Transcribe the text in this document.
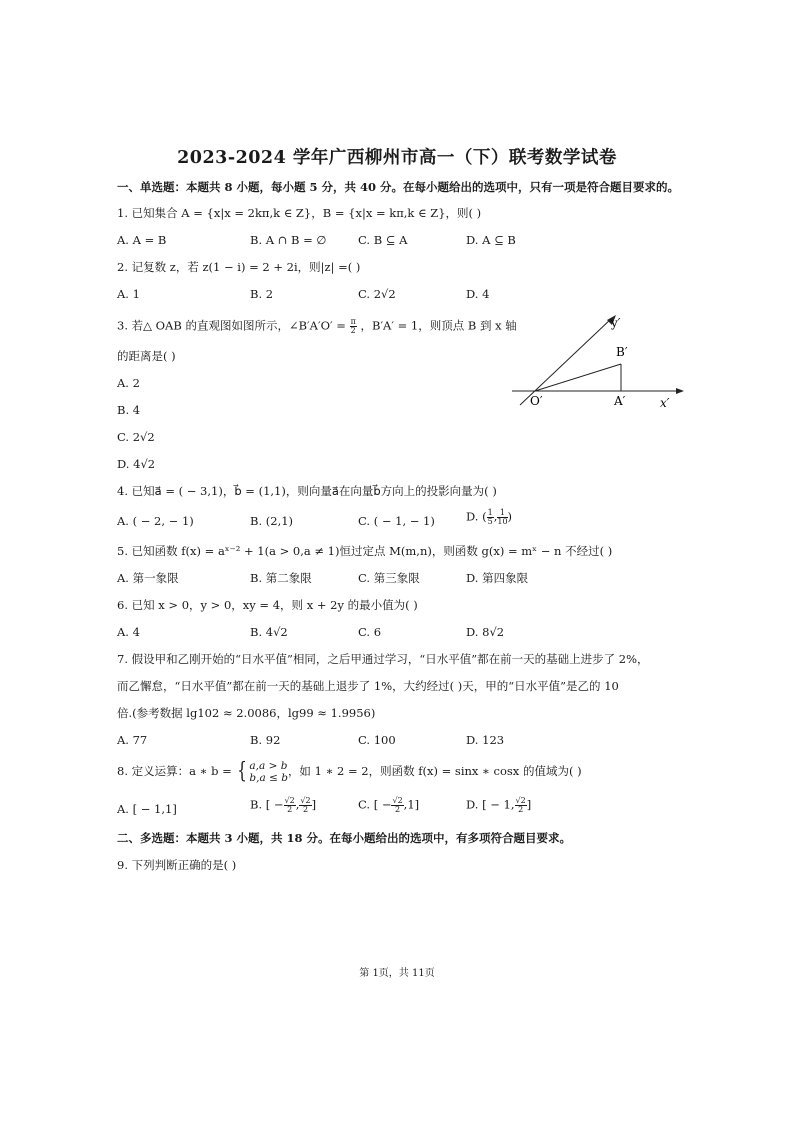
2023-2024 学年广西柳州市高一（下）联考数学试卷
一、单选题：本题共 8 小题，每小题 5 分，共 40 分。在每小题给出的选项中，只有一项是符合题目要求的。
1. 已知集合 A = {x|x = 2kπ,k ∈ Z}，B = {x|x = kπ,k ∈ Z}，则( )
A. A = B	B. A ∩ B = ∅	C. B ⊆ A	D. A ⊆ B
2. 记复数 z，若 z(1 − i) = 2 + 2i，则|z| =( )
A. 1	B. 2	C. 2√2	D. 4
3. 若△ OAB 的直观图如图所示，∠B′A′O′ = $\frac{\pi}{2}$ ，B′A′ = 1，则顶点 B 到 x 轴
的距离是( )
A. 2
B. 4
C. 2√2
D. 4√2
y′
B′
O′	A′	x′
4. 已知a⃗ = ( − 3,1)，b⃗ = (1,1)，则向量a⃗在向量b⃗方向上的投影向量为( )
A. ( − 2, − 1)	B. (2,1)	C. ( − 1, − 1)	D. ( $\frac{1}{5}$ , $\frac{1}{10}$ )
5. 已知函数 f(x) = aˣ⁻² + 1(a > 0,a ≠ 1)恒过定点 M(m,n)，则函数 g(x) = mˣ − n 不经过( )
A. 第一象限	B. 第二象限	C. 第三象限	D. 第四象限
6. 已知 x > 0，y > 0，xy = 4，则 x + 2y 的最小值为( )
A. 4	B. 4√2	C. 6	D. 8√2
7. 假设甲和乙刚开始的“日水平值”相同，之后甲通过学习，“日水平值”都在前一天的基础上进步了 2%，
而乙懈怠，“日水平值”都在前一天的基础上退步了 1%，大约经过( )天，甲的“日水平值”是乙的 10
倍.(参考数据 lg102 ≈ 2.0086，lg99 ≈ 1.9956)
A. 77	B. 92	C. 100	D. 123
8. 定义运算：a ∗ b = { a,a > b
b,a ≤ b ，如 1 ∗ 2 = 2，则函数 f(x) = sinx ∗ cosx 的值域为( )
A. [ − 1,1]	B. [ − $\frac{√2}{2}$ , $\frac{√2}{2}$ ]	C. [ − $\frac{√2}{2} ,1$]	D. [ − 1, $\frac{√2}{2}$ ]
二、多选题：本题共 3 小题，共 18 分。在每小题给出的选项中，有多项符合题目要求。
9. 下列判断正确的是( )
第 1页，共 11页
